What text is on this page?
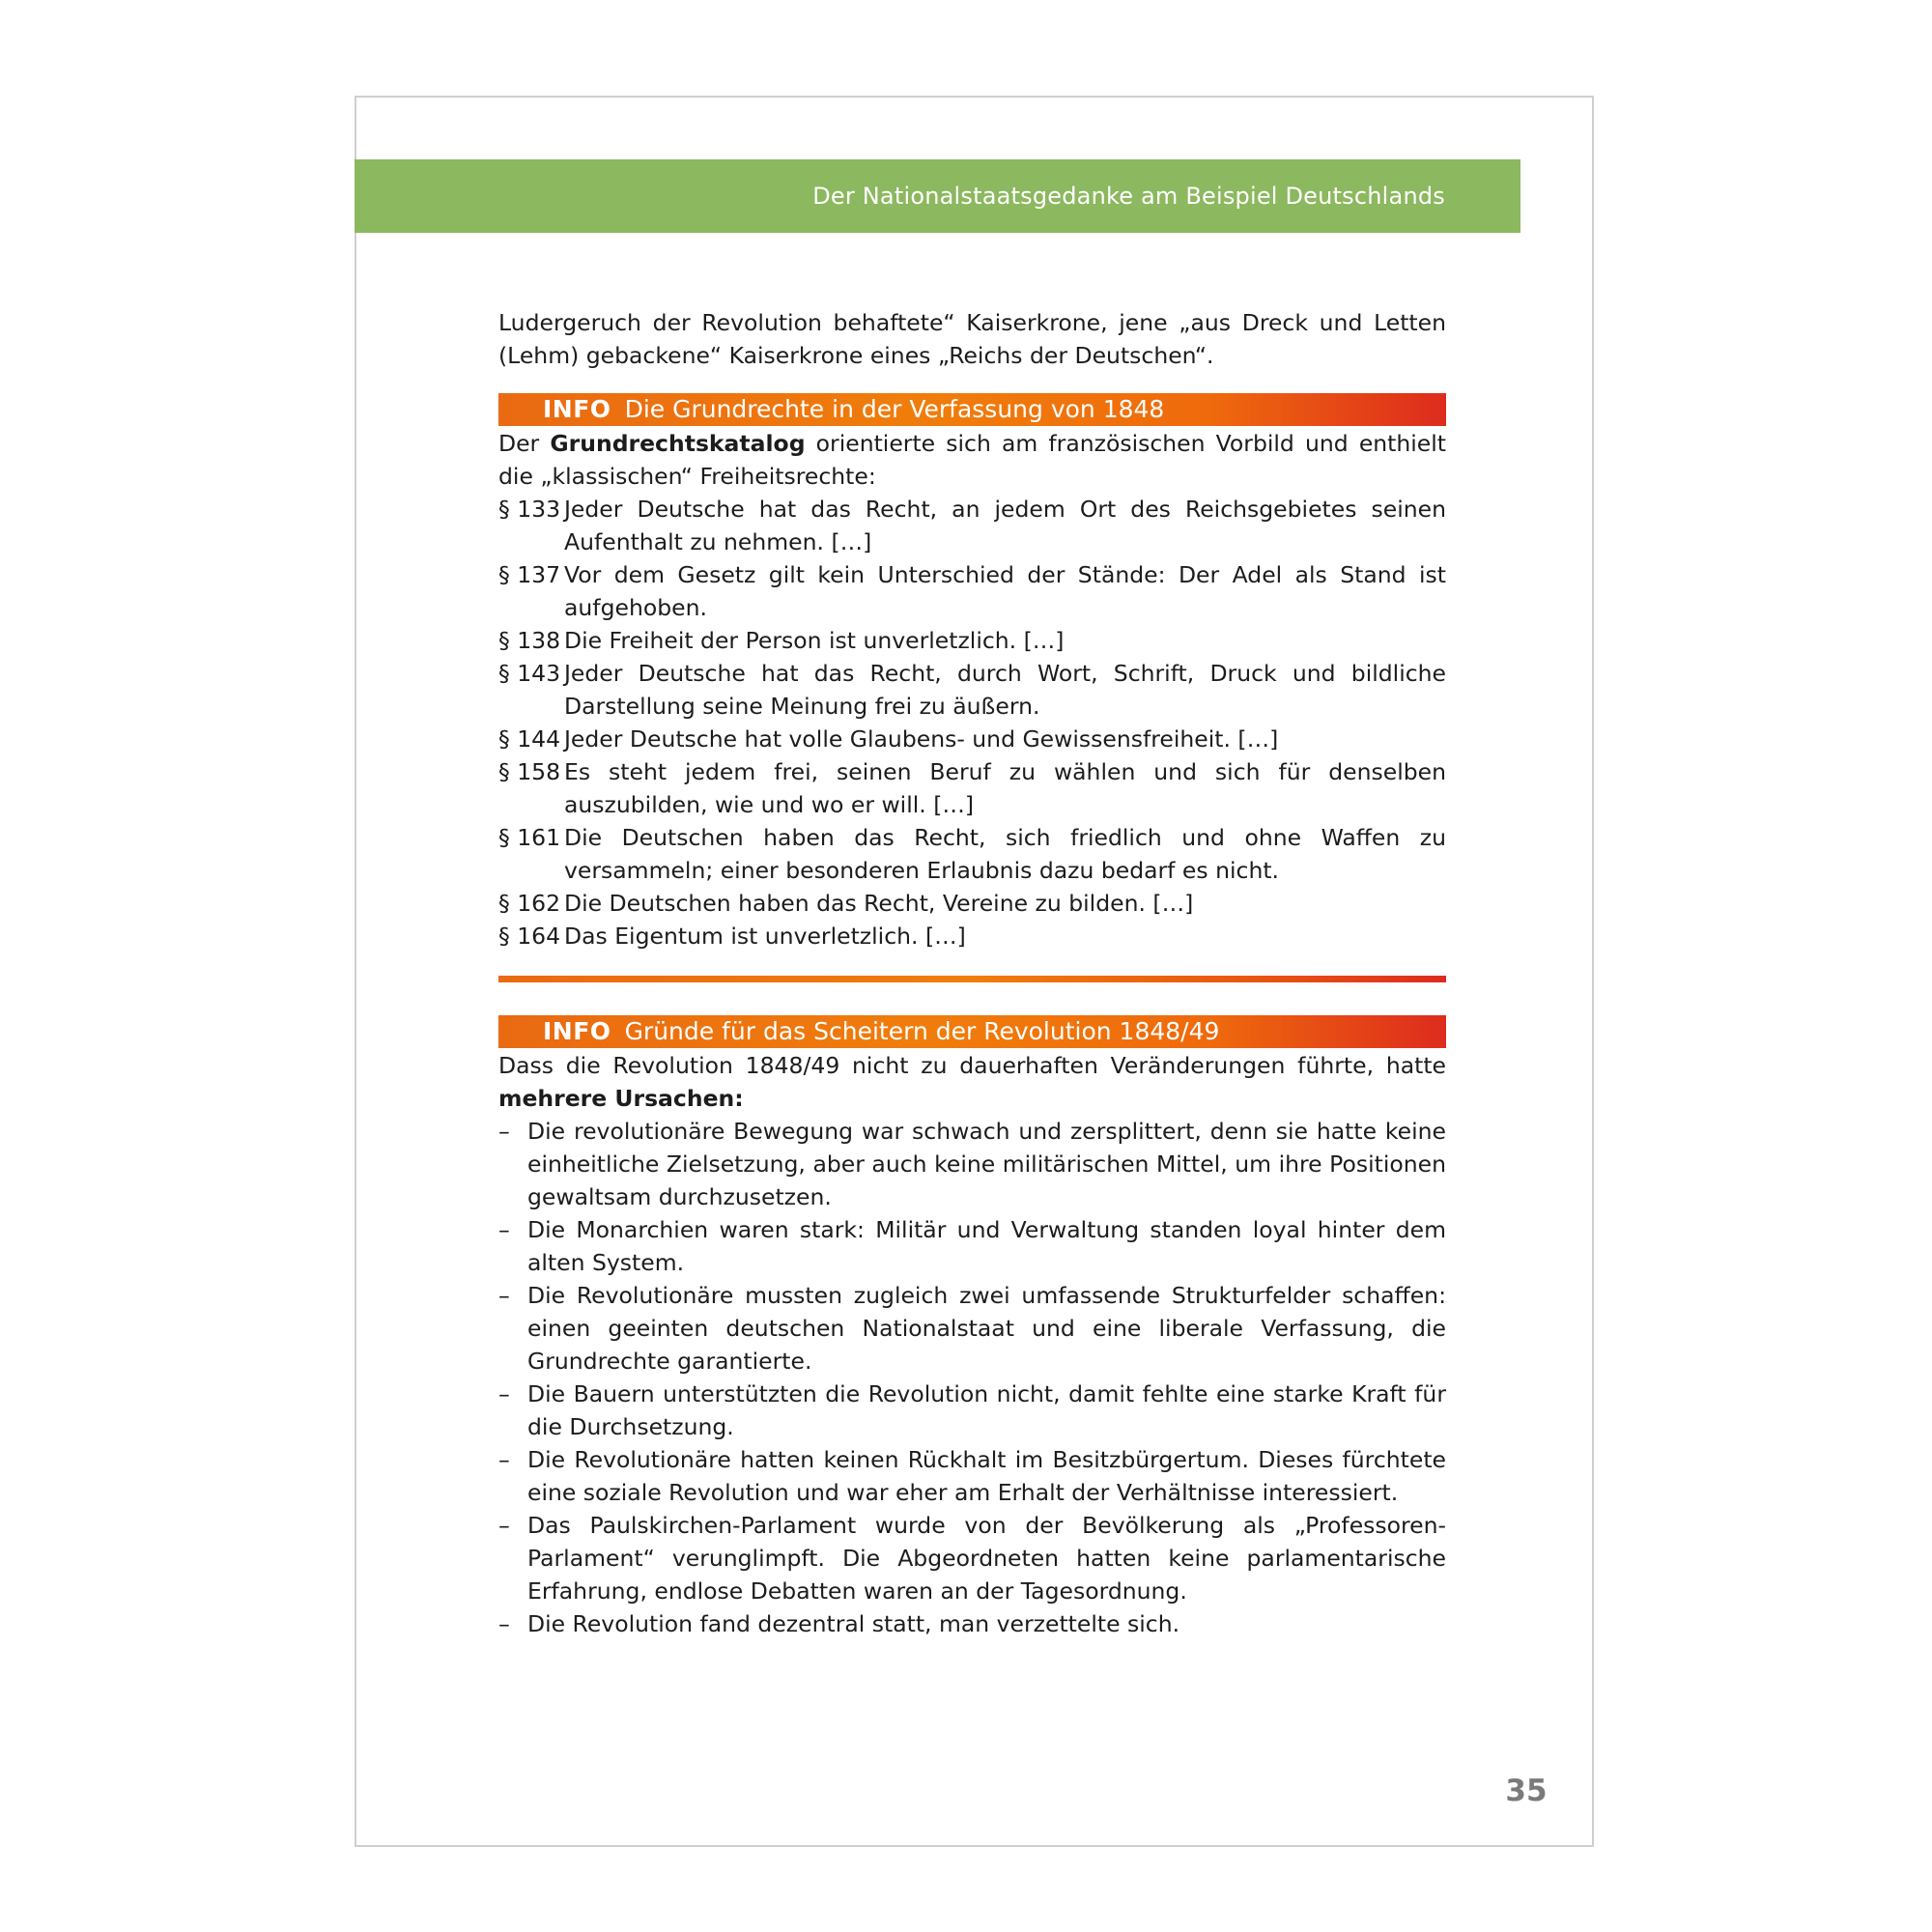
Der Nationalstaatsgedanke am Beispiel Deutschlands

Ludergeruch der Revolution behaftete“ Kaiserkrone, jene „aus Dreck und Letten (Lehm) gebackene“ Kaiserkrone eines „Reichs der Deutschen“.

INFO Die Grundrechte in der Verfassung von 1848

Der Grundrechtskatalog orientierte sich am französischen Vorbild und enthielt die „klassischen“ Freiheitsrechte:

§ 133 Jeder Deutsche hat das Recht, an jedem Ort des Reichsgebietes seinen Aufenthalt zu nehmen. […]
§ 137 Vor dem Gesetz gilt kein Unterschied der Stände: Der Adel als Stand ist aufgehoben.
§ 138 Die Freiheit der Person ist unverletzlich. […]
§ 143 Jeder Deutsche hat das Recht, durch Wort, Schrift, Druck und bildliche Darstellung seine Meinung frei zu äußern.
§ 144 Jeder Deutsche hat volle Glaubens- und Gewissensfreiheit. […]
§ 158 Es steht jedem frei, seinen Beruf zu wählen und sich für denselben auszubilden, wie und wo er will. […]
§ 161 Die Deutschen haben das Recht, sich friedlich und ohne Waffen zu versammeln; einer besonderen Erlaubnis dazu bedarf es nicht.
§ 162 Die Deutschen haben das Recht, Vereine zu bilden. […]
§ 164 Das Eigentum ist unverletzlich. […]
INFO Gründe für das Scheitern der Revolution 1848/49

Dass die Revolution 1848/49 nicht zu dauerhaften Veränderungen führte, hatte mehrere Ursachen:

– Die revolutionäre Bewegung war schwach und zersplittert, denn sie hatte keine einheitliche Zielsetzung, aber auch keine militärischen Mittel, um ihre Positionen gewaltsam durchzusetzen.
– Die Monarchien waren stark: Militär und Verwaltung standen loyal hinter dem alten System.
– Die Revolutionäre mussten zugleich zwei umfassende Strukturfelder schaffen: einen geeinten deutschen Nationalstaat und eine liberale Verfassung, die Grundrechte garantierte.
– Die Bauern unterstützten die Revolution nicht, damit fehlte eine starke Kraft für die Durchsetzung.
– Die Revolutionäre hatten keinen Rückhalt im Besitzbürgertum. Dieses fürchtete eine soziale Revolution und war eher am Erhalt der Verhältnisse interessiert.
– Das Paulskirchen-Parlament wurde von der Bevölkerung als „Professoren-Parlament“ verunglimpft. Die Abgeordneten hatten keine parlamentarische Erfahrung, endlose Debatten waren an der Tagesordnung.
– Die Revolution fand dezentral statt, man verzettelte sich.
35
